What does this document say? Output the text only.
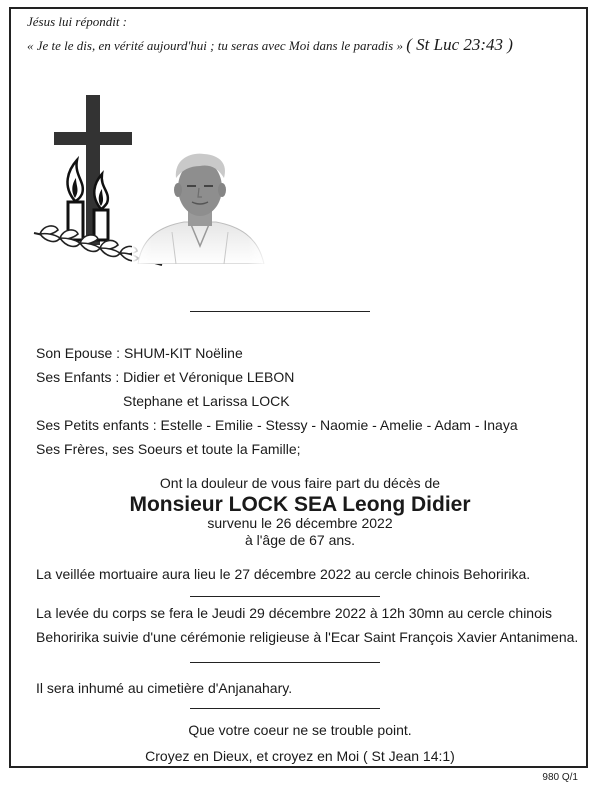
Jésus lui répondit :
« Je te le dis, en vérité aujourd'hui ; tu seras avec Moi dans le paradis » ( St Luc 23:43 )
Son Epouse : SHUM-KIT Noëline
Ses Enfants : Didier et Véronique LEBON
Stephane et Larissa LOCK
Ses Petits enfants : Estelle - Emilie - Stessy - Naomie - Amelie - Adam - Inaya
Ses Frères, ses Soeurs et toute la Famille;
Ont la douleur de vous faire part du décès de
Monsieur LOCK SEA Leong Didier
survenu le 26 décembre 2022
à l'âge de 67 ans.
La veillée mortuaire aura lieu le 27 décembre 2022 au cercle chinois Behoririka.
La levée du corps se fera le Jeudi 29 décembre 2022 à 12h 30mn au cercle chinois
Behoririka suivie d'une cérémonie religieuse à l'Ecar Saint François Xavier Antanimena.
Il sera inhumé au cimetière d'Anjanahary.
Que votre coeur ne se trouble point.
Croyez en Dieux, et croyez en Moi ( St Jean 14:1)
980 Q/1
